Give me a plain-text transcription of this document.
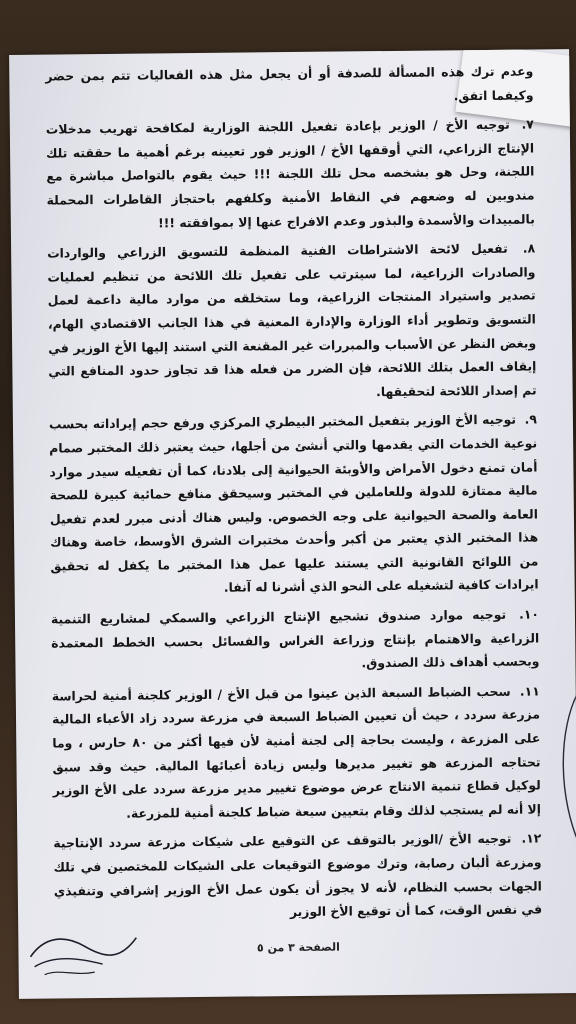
وعدم ترك هذه المسألة للصدفة أو أن يجعل مثل هذه الفعاليات تتم بمن حضر وكيفما اتفق.

٧. توجيه الأخ / الوزير بإعادة تفعيل اللجنة الوزارية لمكافحة تهريب مدخلات الإنتاج الزراعي، التي أوقفها الأخ / الوزير فور تعيينه برغم أهمية ما حققته تلك اللجنة، وحل هو بشخصه محل تلك اللجنة !!! حيث يقوم بالتواصل مباشرة مع مندوبين له وضعهم في النقاط الأمنية وكلفهم باحتجاز القاطرات المحملة بالمبيدات والأسمدة والبذور وعدم الافراج عنها إلا بموافقته !!!

٨. تفعيل لائحة الاشتراطات الفنية المنظمة للتسويق الزراعي والواردات والصادرات الزراعية، لما سيترتب على تفعيل تلك اللائحة من تنظيم لعمليات تصدير واستيراد المنتجات الزراعية، وما ستخلقه من موارد مالية داعمة لعمل التسويق وتطوير أداء الوزارة والإدارة المعنية في هذا الجانب الاقتصادي الهام، وبغض النظر عن الأسباب والمبررات غير المقنعة التي استند إليها الأخ الوزير في إيقاف العمل بتلك اللائحة، فإن الضرر من فعله هذا قد تجاوز حدود المنافع التي تم إصدار اللائحة لتحقيقها.

٩. توجيه الأخ الوزير بتفعيل المختبر البيطري المركزي ورفع حجم إيراداته بحسب نوعية الخدمات التي يقدمها والتي أنشئ من أجلها، حيث يعتبر ذلك المختبر صمام أمان تمنع دخول الأمراض والأوبئة الحيوانية إلى بلادنا، كما أن تفعيله سيدر موارد مالية ممتازة للدولة وللعاملين في المختبر وسيحقق منافع حمائية كبيرة للصحة العامة والصحة الحيوانية على وجه الخصوص. وليس هناك أدنى مبرر لعدم تفعيل هذا المختبر الذي يعتبر من أكبر وأحدث مختبرات الشرق الأوسط، خاصة وهناك من اللوائح القانونية التي يستند عليها عمل هذا المختبر ما يكفل له تحقيق ايرادات كافية لتشغيله على النحو الذي أشرنا له آنفا.

١٠. توجيه موارد صندوق تشجيع الإنتاج الزراعي والسمكي لمشاريع التنمية الزراعية والاهتمام بإنتاج وزراعة الغراس والفسائل بحسب الخطط المعتمدة وبحسب أهداف ذلك الصندوق.

١١. سحب الضباط السبعة الذين عينوا من قبل الأخ / الوزير كلجنة أمنية لحراسة مزرعة سردد ، حيث أن تعيين الضباط السبعة في مزرعة سردد زاد الأعباء المالية على المزرعة ، وليست بحاجة إلى لجنة أمنية لأن فيها أكثر من ٨٠ حارس ، وما تحتاجه المزرعة هو تغيير مديرها وليس زيادة أعبائها المالية. حيث وقد سبق لوكيل قطاع تنمية الانتاج عرض موضوع تغيير مدير مزرعة سردد على الأخ الوزير إلا أنه لم يستجب لذلك وقام بتعيين سبعة ضباط كلجنة أمنية للمزرعة.

١٢. توجيه الأخ /الوزير بالتوقف عن التوقيع على شيكات مزرعة سردد الإنتاجية ومزرعة ألبان رصابة، وترك موضوع التوقيعات على الشيكات للمختصين في تلك الجهات بحسب النظام، لأنه لا يجوز أن يكون عمل الأخ الوزير إشرافي وتنفيذي في نفس الوقت، كما أن توقيع الأخ الوزير

الصفحة ٣ من ٥
